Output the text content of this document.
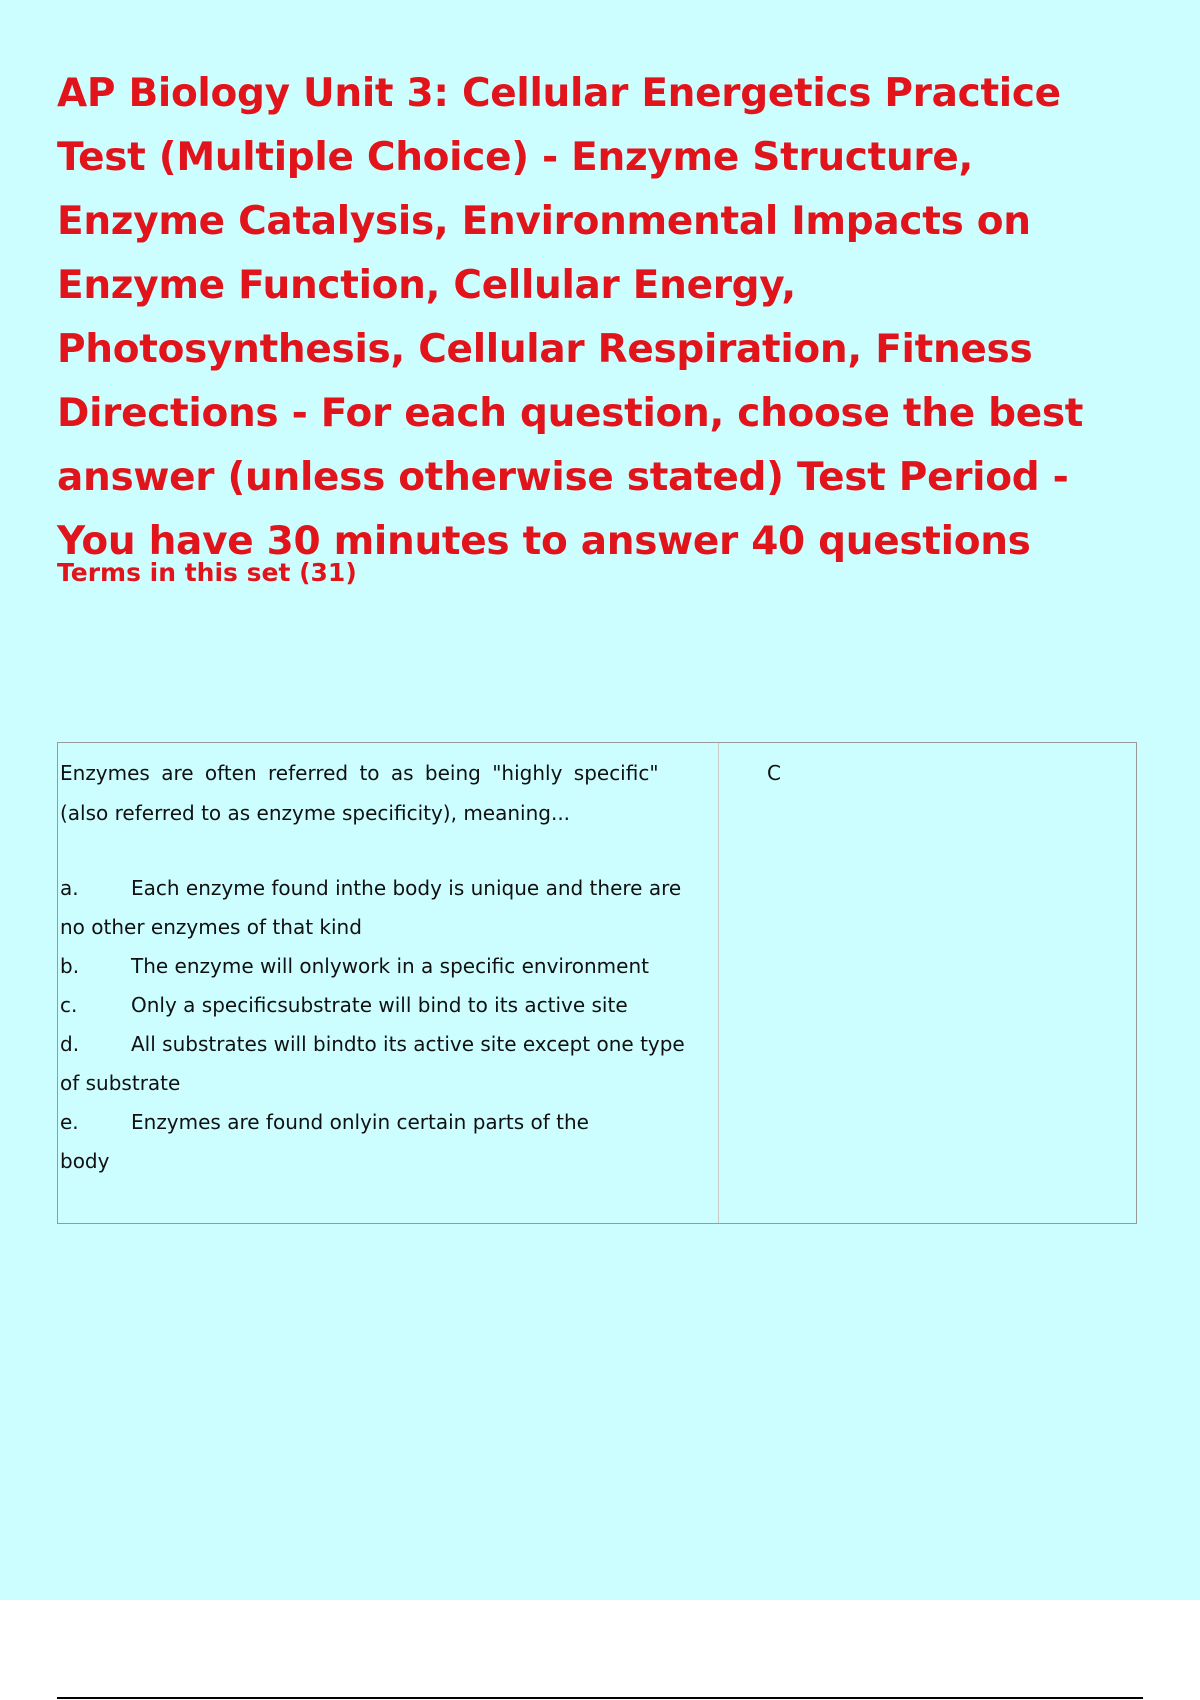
AP Biology Unit 3: Cellular Energetics Practice Test (Multiple Choice) - Enzyme Structure, Enzyme Catalysis, Environmental Impacts on Enzyme Function, Cellular Energy, Photosynthesis, Cellular Respiration, Fitness Directions - For each question, choose the best answer (unless otherwise stated) Test Period - You have 30 minutes to answer 40 questions
Terms in this set (31)
Enzymes are often referred to as being "highly specific"
(also referred to as enzyme specificity), meaning...
a.	Each enzyme found inthe body is unique and there are
no other enzymes of that kind
b.	The enzyme will onlywork in a specific environment
c.	Only a specificsubstrate will bind to its active site
d.	All substrates will bindto its active site except one type
of substrate
e.	Enzymes are found onlyin certain parts of the
body
C
